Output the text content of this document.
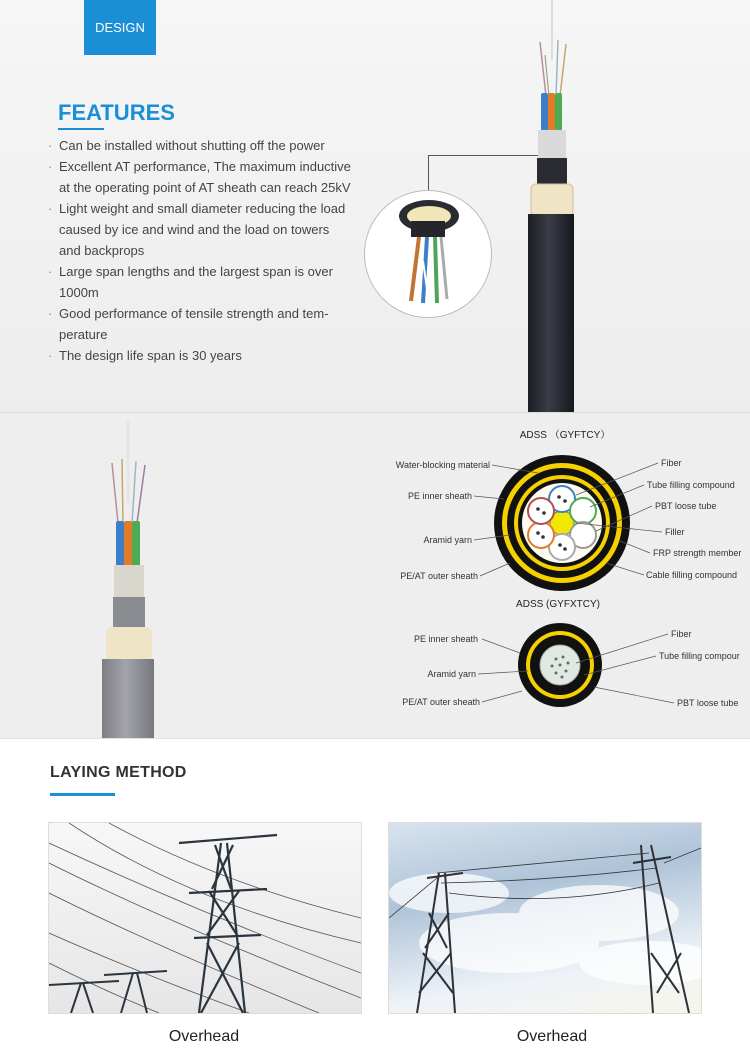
DESIGN
FEATURES
· Can be installed without shutting off the power
· Excellent AT performance, The maximum inductive at the operating point of AT sheath can reach 25kV
· Light weight and small diameter reducing the load caused by ice and wind and the load on towers and backprops
· Large span lengths and the largest span is over 1000m
· Good performance of tensile strength and tem-perature
· The design life span is 30 years
ADSS （GYFTCY）
Water-blocking material
PE inner sheath
Aramid yarn
PE/AT outer sheath
Fiber
Tube filling compound
PBT loose tube
Filler
FRP strength member
Cable filling compound
ADSS (GYFXTCY)
PE inner sheath
Aramid yarn
PE/AT outer sheath
Fiber
Tube filling compour
PBT loose tube
LAYING METHOD
Overhead	Overhead
